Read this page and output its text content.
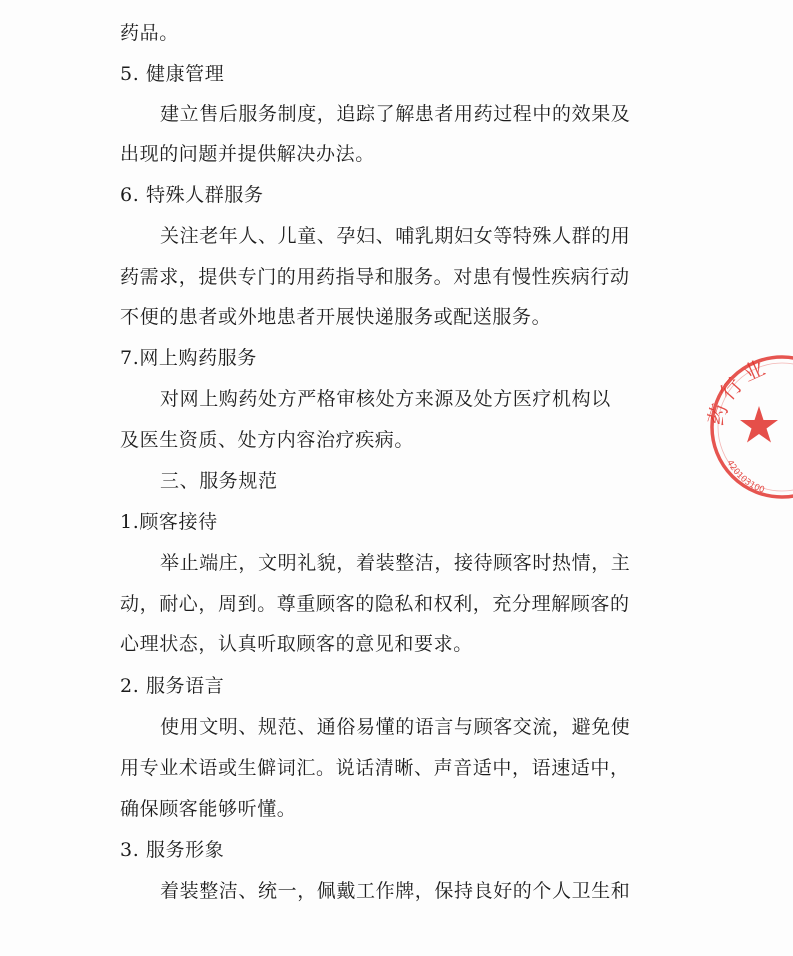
药品。
5. 健康管理
建立售后服务制度，追踪了解患者用药过程中的效果及
出现的问题并提供解决办法。
6. 特殊人群服务
关注老年人、儿童、孕妇、哺乳期妇女等特殊人群的用
药需求，提供专门的用药指导和服务。对患有慢性疾病行动
不便的患者或外地患者开展快递服务或配送服务。
7.网上购药服务
对网上购药处方严格审核处方来源及处方医疗机构以
及医生资质、处方内容治疗疾病。
三、服务规范
1.顾客接待
举止端庄，文明礼貌，着装整洁，接待顾客时热情，主
动，耐心，周到。尊重顾客的隐私和权利，充分理解顾客的
心理状态，认真听取顾客的意见和要求。
2. 服务语言
使用文明、规范、通俗易懂的语言与顾客交流，避免使
用专业术语或生僻词汇。说话清晰、声音适中，语速适中，
确保顾客能够听懂。
3. 服务形象
着装整洁、统一，佩戴工作牌，保持良好的个人卫生和
药行业
420103100
